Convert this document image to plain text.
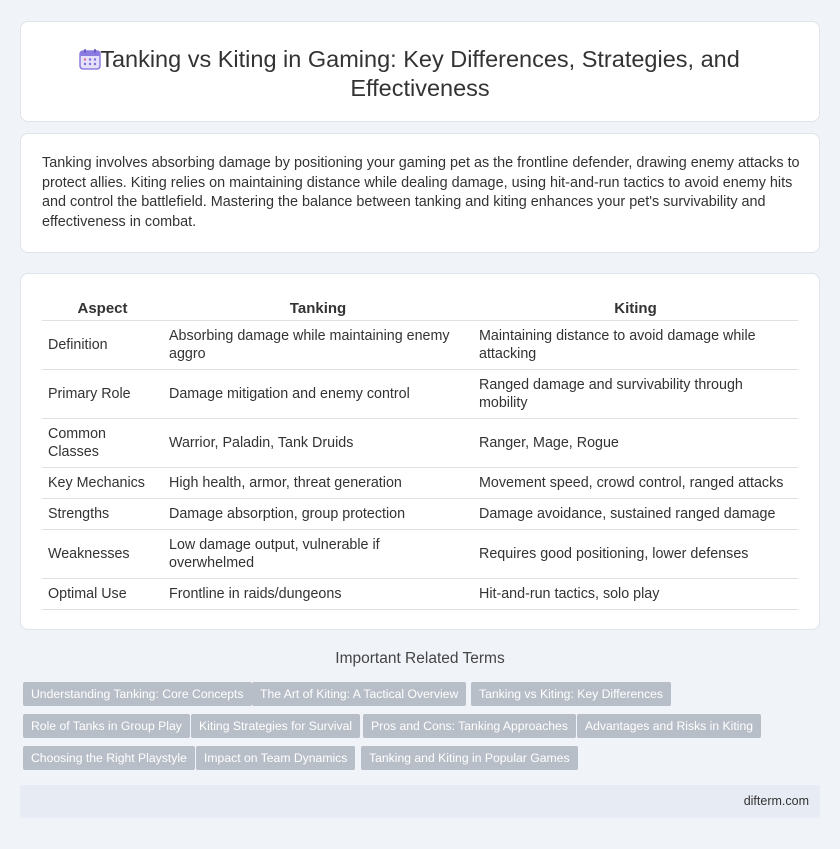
Tanking vs Kiting in Gaming: Key Differences, Strategies, and Effectiveness

Tanking involves absorbing damage by positioning your gaming pet as the frontline defender, drawing enemy attacks to protect allies. Kiting relies on maintaining distance while dealing damage, using hit-and-run tactics to avoid enemy hits and control the battlefield. Mastering the balance between tanking and kiting enhances your pet's survivability and effectiveness in combat.

Aspect	Tanking	Kiting
Definition	Absorbing damage while maintaining enemy aggro	Maintaining distance to avoid damage while attacking
Primary Role	Damage mitigation and enemy control	Ranged damage and survivability through mobility
Common Classes	Warrior, Paladin, Tank Druids	Ranger, Mage, Rogue
Key Mechanics	High health, armor, threat generation	Movement speed, crowd control, ranged attacks
Strengths	Damage absorption, group protection	Damage avoidance, sustained ranged damage
Weaknesses	Low damage output, vulnerable if overwhelmed	Requires good positioning, lower defenses
Optimal Use	Frontline in raids/dungeons	Hit-and-run tactics, solo play
Important Related Terms
Understanding Tanking: Core Concepts	The Art of Kiting: A Tactical Overview	Tanking vs Kiting: Key Differences
Role of Tanks in Group Play	Kiting Strategies for Survival	Pros and Cons: Tanking Approaches	Advantages and Risks in Kiting
Choosing the Right Playstyle	Impact on Team Dynamics	Tanking and Kiting in Popular Games
difterm.com
